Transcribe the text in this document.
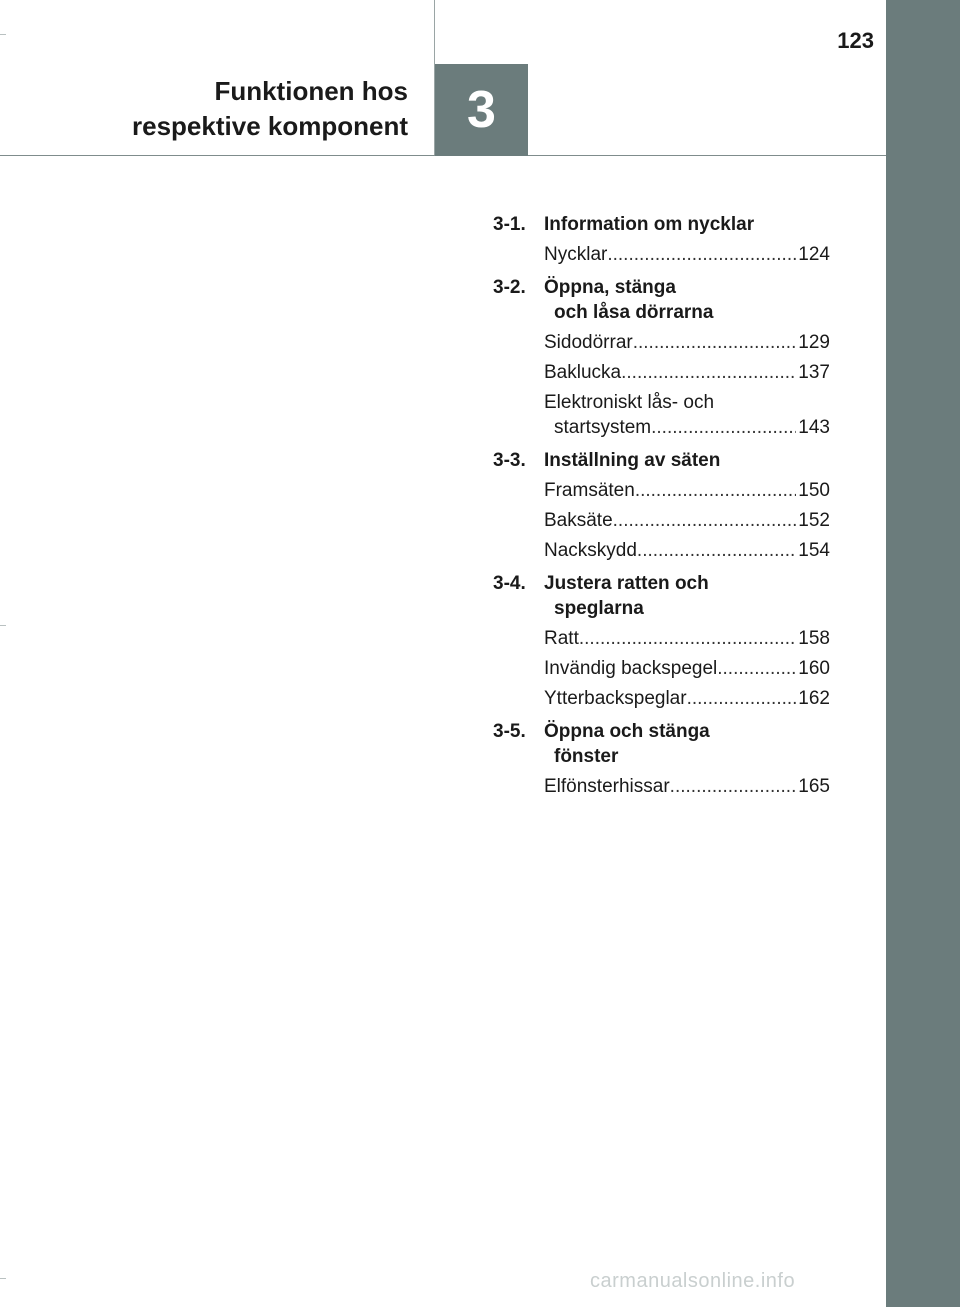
123
Funktionen hos
respektive komponent	3
3-1. Information om nycklar
Nycklar .....	124
3-2. Öppna, stänga
och låsa dörrarna
Sidodörrar .....	129
Baklucka .....	137
Elektroniskt lås- och
startsystem .....	143
3-3. Inställning av säten
Framsäten .....	150
Baksäte .....	152
Nackskydd .....	154
3-4. Justera ratten och
speglarna
Ratt .....	158
Invändig backspegel .....	160
Ytterbackspeglar .....	162
3-5. Öppna och stänga
fönster
Elfönsterhissar .....	165
carmanualsonline.info
